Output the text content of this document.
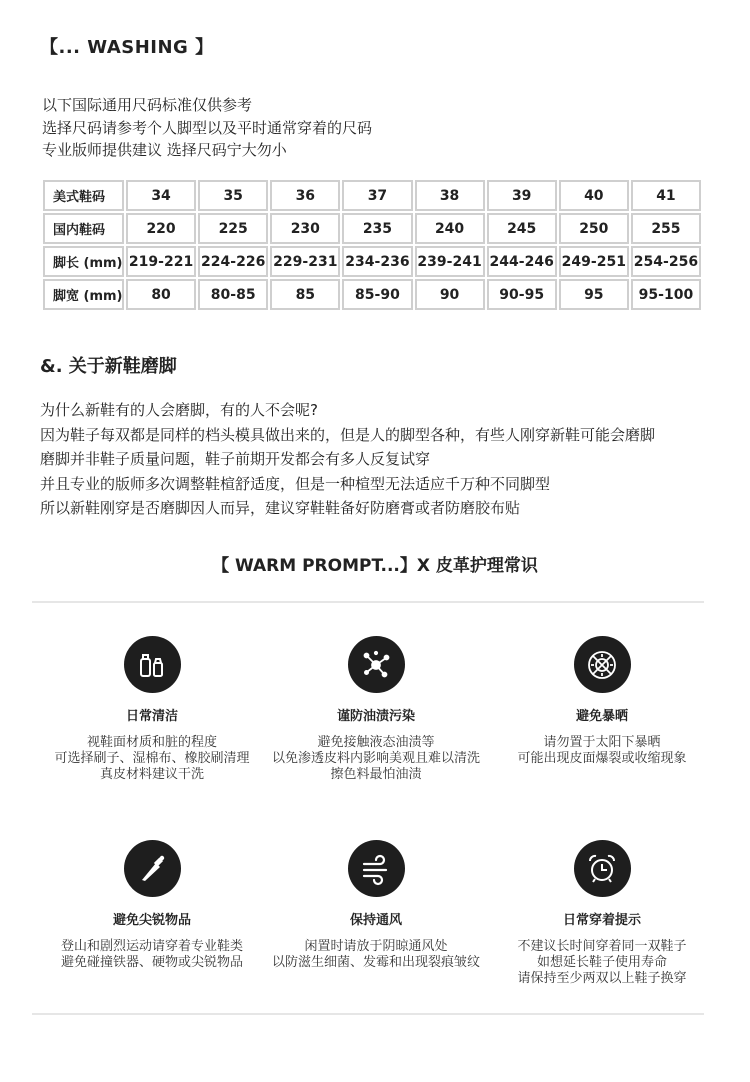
【... WASHING 】
以下国际通用尺码标准仅供参考
选择尺码请参考个人脚型以及平时通常穿着的尺码
专业版师提供建议 选择尺码宁大勿小
美式鞋码	34	35	36	37	38	39	40	41
国内鞋码	220	225	230	235	240	245	250	255
脚长 (mm)	219-221	224-226	229-231	234-236	239-241	244-246	249-251	254-256
脚宽 (mm)	80	80-85	85	85-90	90	90-95	95	95-100
&. 关于新鞋磨脚
为什么新鞋有的人会磨脚，有的人不会呢?
因为鞋子每双都是同样的档头模具做出来的，但是人的脚型各种，有些人刚穿新鞋可能会磨脚
磨脚并非鞋子质量问题，鞋子前期开发都会有多人反复试穿
并且专业的版师多次调整鞋楦舒适度，但是一种楦型无法适应千万种不同脚型
所以新鞋刚穿是否磨脚因人而异，建议穿鞋鞋备好防磨膏或者防磨胶布贴
【 WARM PROMPT...】X 皮革护理常识
日常清洁
视鞋面材质和脏的程度
可选择刷子、湿棉布、橡胶刷清理
真皮材料建议干洗
谨防油渍污染
避免接触液态油渍等
以免渗透皮料内影响美观且难以清洗
擦色料最怕油渍
避免暴晒
请勿置于太阳下暴晒
可能出现皮面爆裂或收缩现象
避免尖锐物品
登山和剧烈运动请穿着专业鞋类
避免碰撞铁器、硬物或尖锐物品
保持通风
闲置时请放于阴晾通风处
以防滋生细菌、发霉和出现裂痕皱纹
日常穿着提示
不建议长时间穿着同一双鞋子
如想延长鞋子使用寿命
请保持至少两双以上鞋子换穿
